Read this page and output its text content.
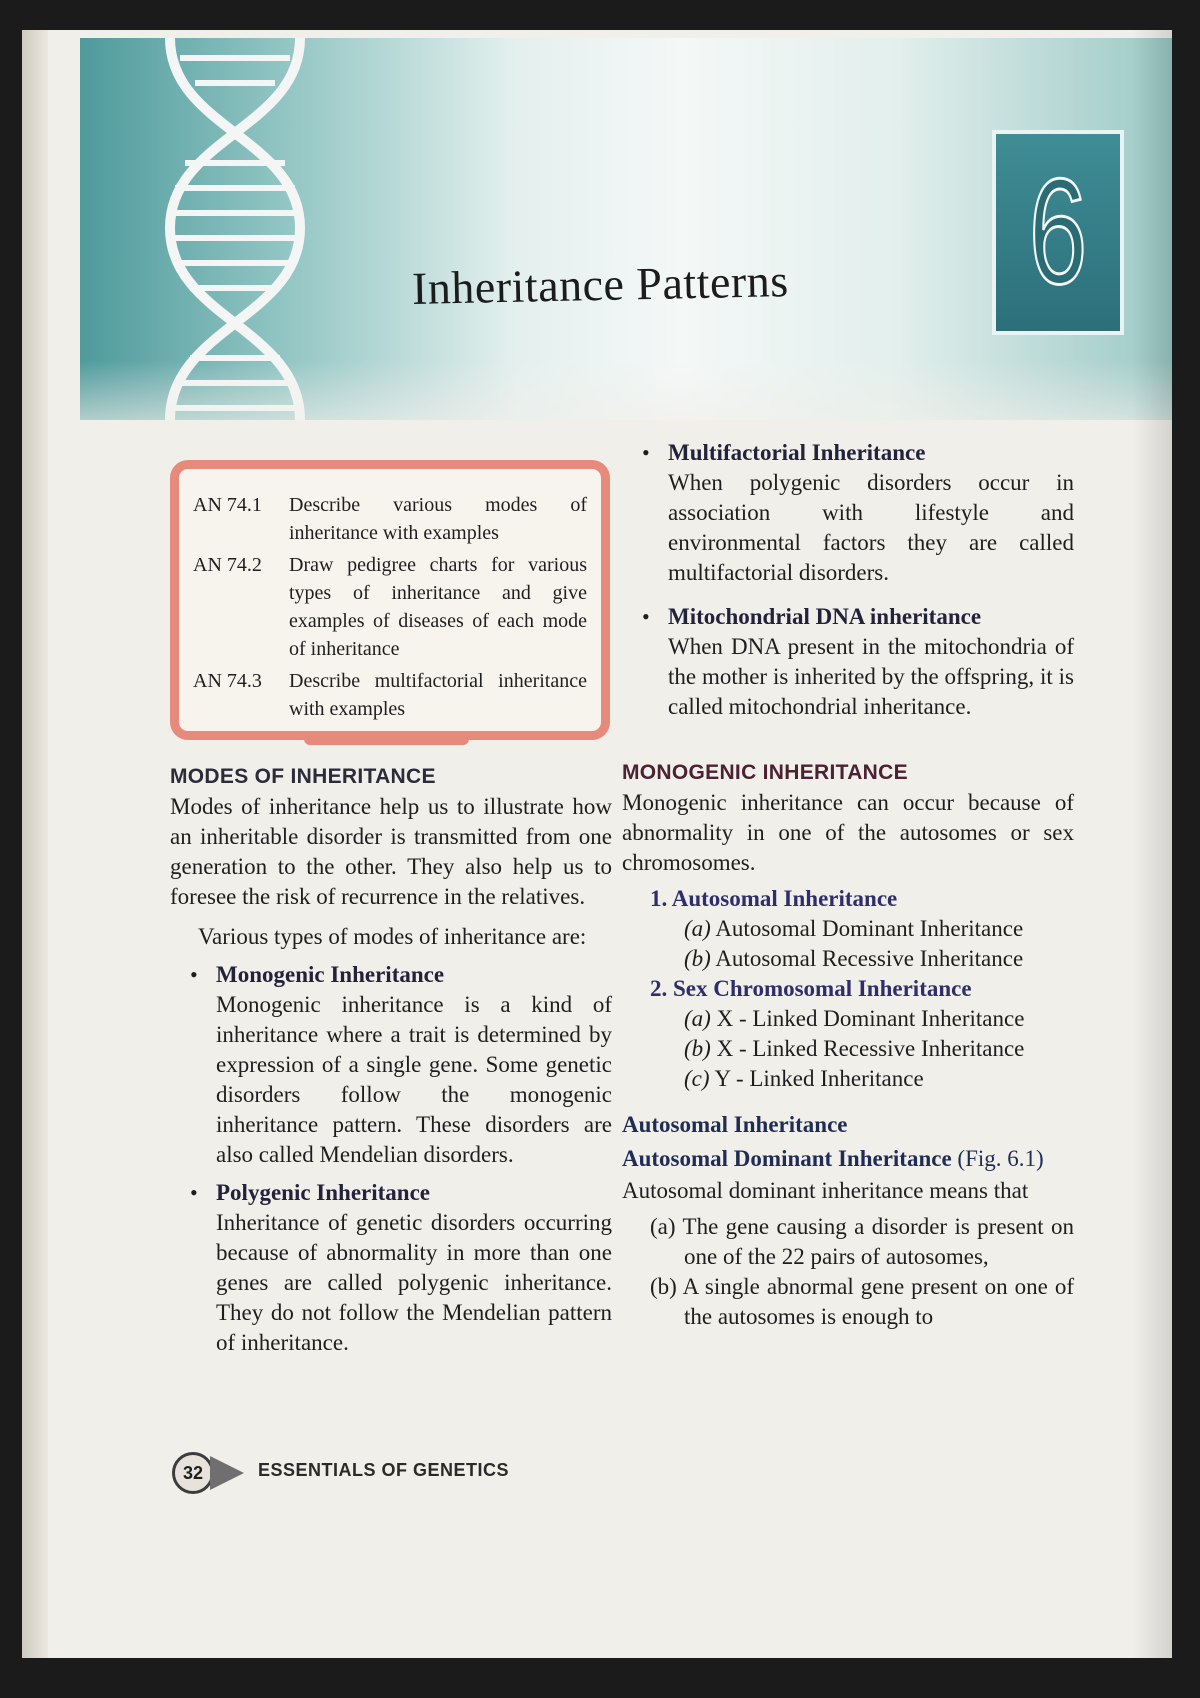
Inheritance Patterns 6
AN 74.1	Describe various modes of inheritance with examples
AN 74.2	Draw pedigree charts for various types of inheritance and give examples of diseases of each mode of inheritance
AN 74.3	Describe multifactorial inheritance with examples
MODES OF INHERITANCE

Modes of inheritance help us to illustrate how an inheritable disorder is transmitted from one generation to the other. They also help us to foresee the risk of recurrence in the relatives.

Various types of modes of inheritance are:

• Monogenic Inheritance

Monogenic inheritance is a kind of inheritance where a trait is determined by expression of a single gene. Some genetic disorders follow the monogenic inheritance pattern. These disorders are also called Mendelian disorders.

• Polygenic Inheritance

Inheritance of genetic disorders occurring because of abnormality in more than one genes are called polygenic inheritance. They do not follow the Mendelian pattern of inheritance.

• Multifactorial Inheritance

When polygenic disorders occur in association with lifestyle and environmental factors they are called multifactorial disorders.

• Mitochondrial DNA inheritance

When DNA present in the mitochondria of the mother is inherited by the offspring, it is called mitochondrial inheritance.

MONOGENIC INHERITANCE

Monogenic inheritance can occur because of abnormality in one of the autosomes or sex chromosomes.

1. Autosomal Inheritance
(a) Autosomal Dominant Inheritance
(b) Autosomal Recessive Inheritance
2. Sex Chromosomal Inheritance
(a) X - Linked Dominant Inheritance
(b) X - Linked Recessive Inheritance
(c) Y - Linked Inheritance
Autosomal Inheritance
Autosomal Dominant Inheritance (Fig. 6.1)

Autosomal dominant inheritance means that

(a) The gene causing a disorder is present on one of the 22 pairs of autosomes,
(b) A single abnormal gene present on one of the autosomes is enough to
32	ESSENTIALS OF GENETICS
